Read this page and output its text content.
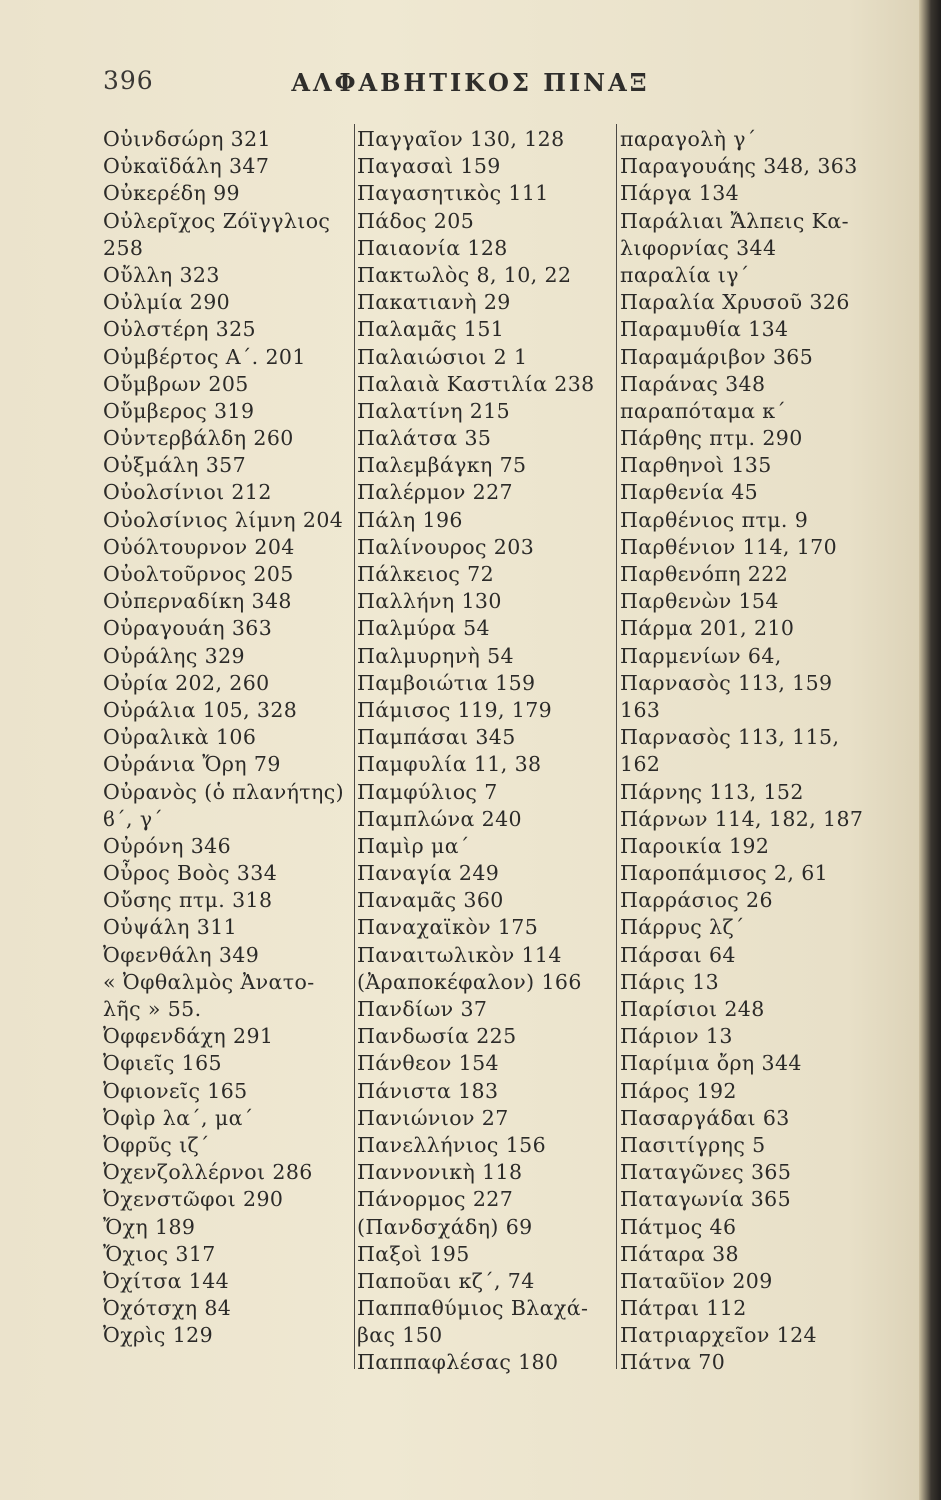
396	ΑΛΦΑΒΗΤΙΚΟΣ ΠΙΝΑΞ
Οὐινδσώρη 321
Οὐκαϊδάλη 347
Οὐκερέδη 99
Οὐλερῖχος Ζόϊγγλιος
258
Οὔλλη 323
Οὐλμία 290
Οὐλστέρη 325
Οὐμβέρτος Α΄. 201
Οὔμβρων 205
Οὔμβερος 319
Οὐντερβάλδη 260
Οὐξμάλη 357
Οὐολσίνιοι 212
Οὐολσίνιος λίμνη 204
Οὐόλτουρνον 204
Οὐολτοῦρνος 205
Οὐπερναδίκη 348
Οὐραγουάη 363
Οὐράλης 329
Οὐρία 202, 260
Οὐράλια 105, 328
Οὐραλικὰ 106
Οὐράνια Ὄρη 79
Οὐρανὸς (ὁ πλανήτης)
ϐ΄, γ΄
Οὐρόνη 346
Οὖρος Βοὸς 334
Οὔσης πτμ. 318
Οὐψάλη 311
Ὀφενθάλη 349
« Ὀφθαλμὸς Ἀνατο-
λῆς » 55.
Ὀφφενδάχη 291
Ὀφιεῖς 165
Ὀφιονεῖς 165
Ὀφὶρ λα΄, μα΄
Ὀφρῦς ιζ΄
Ὀχενζολλέρνοι 286
Ὀχενστῶφοι 290
Ὄχη 189
Ὄχιος 317
Ὀχίτσα 144
Ὀχότσχη 84
Ὀχρὶς 129
Παγγαῖον 130, 128
Παγασαὶ 159
Παγασητικὸς 111
Πάδος 205
Παιαονία 128
Πακτωλὸς 8, 10, 22
Πακατιανὴ 29
Παλαμᾶς 151
Παλαιώσιοι 2 1
Παλαιὰ Καστιλία 238
Παλατίνη 215
Παλάτσα 35
Παλεμβάγκη 75
Παλέρμον 227
Πάλη 196
Παλίνουρος 203
Πάλκειος 72
Παλλήνη 130
Παλμύρα 54
Παλμυρηνὴ 54
Παμβοιώτια 159
Πάμισος 119, 179
Παμπάσαι 345
Παμφυλία 11, 38
Παμφύλιος 7
Παμπλώνα 240
Παμὶρ μα΄
Παναγία 249
Παναμᾶς 360
Παναχαϊκὸν 175
Παναιτωλικὸν 114
(Ἀραποκέφαλον) 166
Πανδίων 37
Πανδωσία 225
Πάνθεον 154
Πάνιστα 183
Πανιώνιον 27
Πανελλήνιος 156
Παννονικὴ 118
Πάνορμος 227
(Πανδσχάδη) 69
Παξοὶ 195
Παποῦαι κζ΄, 74
Παππαθύμιος Βλαχά-
βας 150
Παππαφλέσας 180
παραγολὴ γ΄
Παραγουάης 348, 363
Πάργα 134
Παράλιαι Ἄλπεις Κα-
λιφορνίας 344
παραλία ιγ΄
Παραλία Χρυσοῦ 326
Παραμυθία 134
Παραμάριβον 365
Παράνας 348
παραπόταμα κ΄
Πάρθης πτμ. 290
Παρθηνοὶ 135
Παρθενία 45
Παρθένιος πτμ. 9
Παρθένιον 114, 170
Παρθενόπη 222
Παρθενὼν 154
Πάρμα 201, 210
Παρμενίων 64,
Παρνασὸς 113, 159
163
Παρνασὸς 113, 115,
162
Πάρνης 113, 152
Πάρνων 114, 182, 187
Παροικία 192
Παροπάμισος 2, 61
Παρράσιος 26
Πάρρυς λζ΄
Πάρσαι 64
Πάρις 13
Παρίσιοι 248
Πάριον 13
Παρίμια ὄρη 344
Πάρος 192
Πασαργάδαι 63
Πασιτίγρης 5
Παταγῶνες 365
Παταγωνία 365
Πάτμος 46
Πάταρα 38
Παταῦϊον 209
Πάτραι 112
Πατριαρχεῖον 124
Πάτνα 70
